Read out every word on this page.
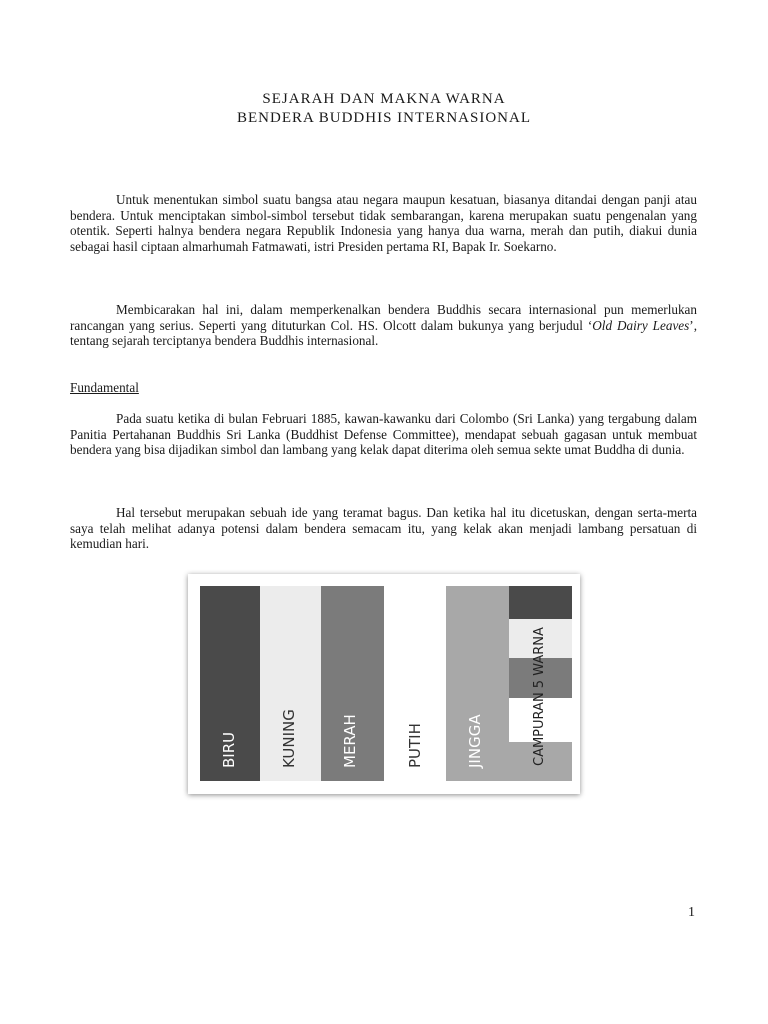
SEJARAH DAN MAKNA WARNA
BENDERA BUDDHIS INTERNASIONAL

Untuk menentukan simbol suatu bangsa atau negara maupun kesatuan, biasanya ditandai dengan panji atau bendera. Untuk menciptakan simbol-simbol tersebut tidak sembarangan, karena merupakan suatu pengenalan yang otentik. Seperti halnya bendera negara Republik Indonesia yang hanya dua warna, merah dan putih, diakui dunia sebagai hasil ciptaan almarhumah Fatmawati, istri Presiden pertama RI, Bapak Ir. Soekarno.

Membicarakan hal ini, dalam memperkenalkan bendera Buddhis secara internasional pun memerlukan rancangan yang serius. Seperti yang dituturkan Col. HS. Olcott dalam bukunya yang berjudul ‘Old Dairy Leaves’, tentang sejarah terciptanya bendera Buddhis internasional.

Fundamental

Pada suatu ketika di bulan Februari 1885, kawan-kawanku dari Colombo (Sri Lanka) yang tergabung dalam Panitia Pertahanan Buddhis Sri Lanka (Buddhist Defense Committee), mendapat sebuah gagasan untuk membuat bendera yang bisa dijadikan simbol dan lambang yang kelak dapat diterima oleh semua sekte umat Buddha di dunia.

Hal tersebut merupakan sebuah ide yang teramat bagus. Dan ketika hal itu dicetuskan, dengan serta-merta saya telah melihat adanya potensi dalam bendera semacam itu, yang kelak akan menjadi lambang persatuan di kemudian hari.

BIRU	KUNING	MERAH	PUTIH	JINGGA	CAMPURAN 5 WARNA
1
